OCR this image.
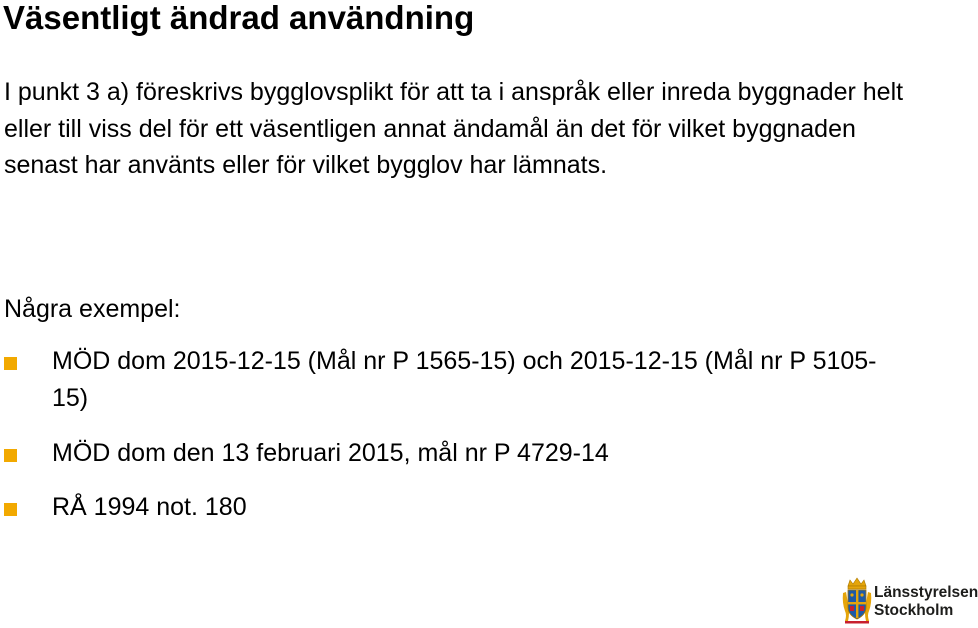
Väsentligt ändrad användning

I punkt 3 a) föreskrivs bygglovsplikt för att ta i anspråk eller inreda byggnader helt eller till viss del för ett väsentligen annat ändamål än det för vilket byggnaden senast har använts eller för vilket bygglov har lämnats.

Några exempel:

MÖD dom 2015-12-15 (Mål nr P 1565-15) och 2015-12-15 (Mål nr P 5105-15)
MÖD dom den 13 februari 2015, mål nr P 4729-14
RÅ 1994 not. 180
Länsstyrelsen
Stockholm
